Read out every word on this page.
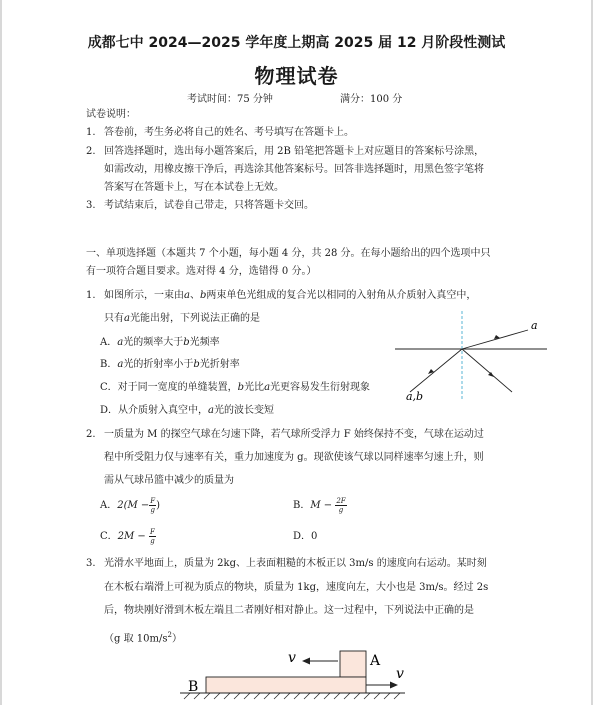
成都七中 2024—2025 学年度上期高 2025 届 12 月阶段性测试
物理试卷
考试时间：75 分钟	满分：100 分
试卷说明：
1. 答卷前，考生务必将自己的姓名、考号填写在答题卡上。
2. 回答选择题时，选出每小题答案后，用 2B 铅笔把答题卡上对应题目的答案标号涂黑，
如需改动，用橡皮擦干净后，再选涂其他答案标号。回答非选择题时，用黑色签字笔将
答案写在答题卡上，写在本试卷上无效。
3. 考试结束后，试卷自己带走，只将答题卡交回。
一、单项选择题（本题共 7 个小题，每小题 4 分，共 28 分。在每小题给出的四个选项中只
有一项符合题目要求。选对得 4 分，选错得 0 分。）
1. 如图所示，一束由a、b两束单色光组成的复合光以相同的入射角从介质射入真空中，
只有a光能出射，下列说法正确的是
A．a光的频率大于b光频率
B．a光的折射率小于b光折射率
C．对于同一宽度的单缝装置，b光比a光更容易发生衍射现象
D．从介质射入真空中，a光的波长变短
a
a,b
2. 一质量为 M 的探空气球在匀速下降，若气球所受浮力 F 始终保持不变，气球在运动过
程中所受阻力仅与速率有关，重力加速度为 g。现欲使该气球以同样速率匀速上升，则
需从气球吊篮中减少的质量为
A．$2(M - \frac{F}{g}$ )	B．$M - \frac{2F}{g}$
C．$2M - \frac{F}{g}$	D．0
3. 光滑水平地面上，质量为 2kg、上表面粗糙的木板正以 3m/s 的速度向右运动。某时刻
在木板右端滑上可视为质点的物块，质量为 1kg，速度向左，大小也是 3m/s。经过 2s
后，物块刚好滑到木板左端且二者刚好相对静止。这一过程中，下列说法中正确的是
（g 取 $10m/s^2$）
v	A
B
v
